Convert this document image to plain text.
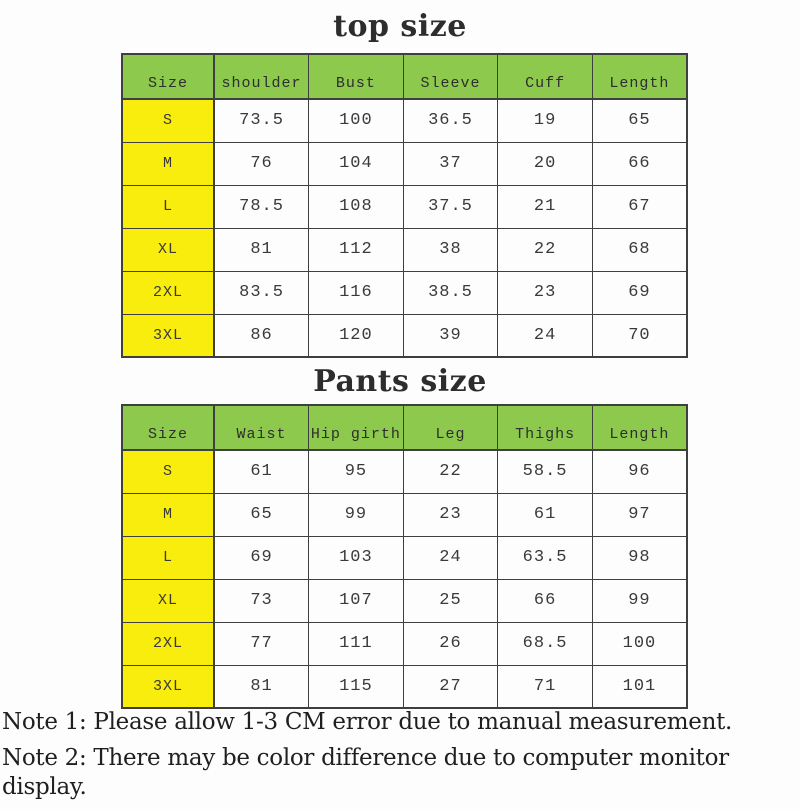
top size
Size	shoulder	Bust	Sleeve	Cuff	Length
S	73.5	100	36.5	19	65
M	76	104	37	20	66
L	78.5	108	37.5	21	67
XL	81	112	38	22	68
2XL	83.5	116	38.5	23	69
3XL	86	120	39	24	70
Pants size
Size	Waist	Hip girth	Leg	Thighs	Length
S	61	95	22	58.5	96
M	65	99	23	61	97
L	69	103	24	63.5	98
XL	73	107	25	66	99
2XL	77	111	26	68.5	100
3XL	81	115	27	71	101

Note 1: Please allow 1-3 CM error due to manual measurement.

Note 2: There may be color difference due to computer monitor display.
